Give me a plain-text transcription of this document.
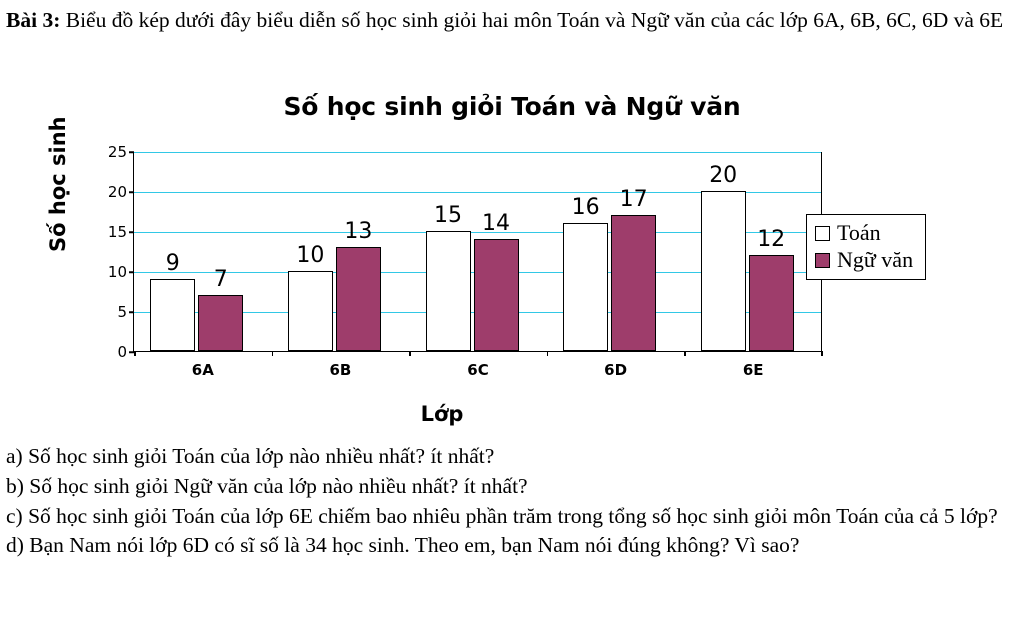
Bài 3: Biểu đồ kép dưới đây biểu diễn số học sinh giỏi hai môn Toán và Ngữ văn của các lớp 6A, 6B, 6C, 6D và 6E
Số học sinh giỏi Toán và Ngữ văn
Số học sinh
0
5
10
15
20
25
9
7
6A
10
13
6B
15 14
6C
16 17
6D
20
12
6E
Lớp
Toán
Ngữ văn
a) Số học sinh giỏi Toán của lớp nào nhiều nhất? ít nhất?
b) Số học sinh giỏi Ngữ văn của lớp nào nhiều nhất? ít nhất?
c) Số học sinh giỏi Toán của lớp 6E chiếm bao nhiêu phần trăm trong tổng số học sinh giỏi môn Toán của cả 5 lớp?
d) Bạn Nam nói lớp 6D có sĩ số là 34 học sinh. Theo em, bạn Nam nói đúng không? Vì sao?
